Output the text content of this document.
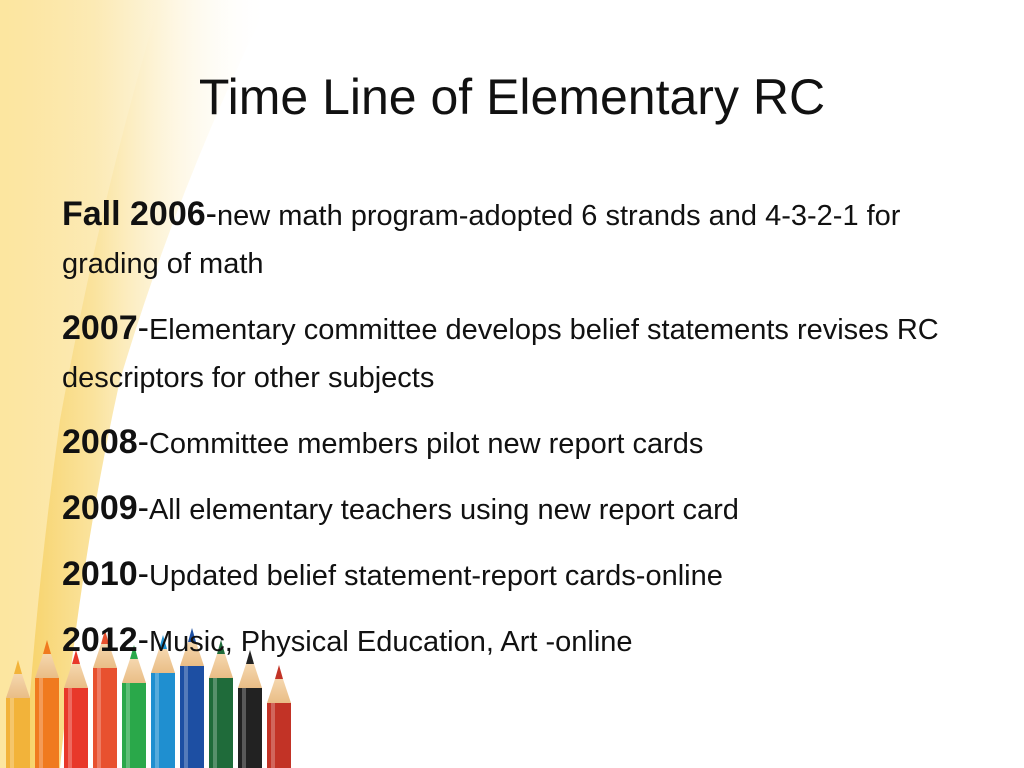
Time Line of Elementary RC

Fall 2006-new math program-adopted 6 strands and 4-3-2-1 for grading of math

2007-Elementary committee develops belief statements revises RC descriptors for other subjects

2008-Committee members pilot new report cards

2009-All elementary teachers using new report card

2010-Updated belief statement-report cards-online

2012-Music, Physical Education, Art -online
